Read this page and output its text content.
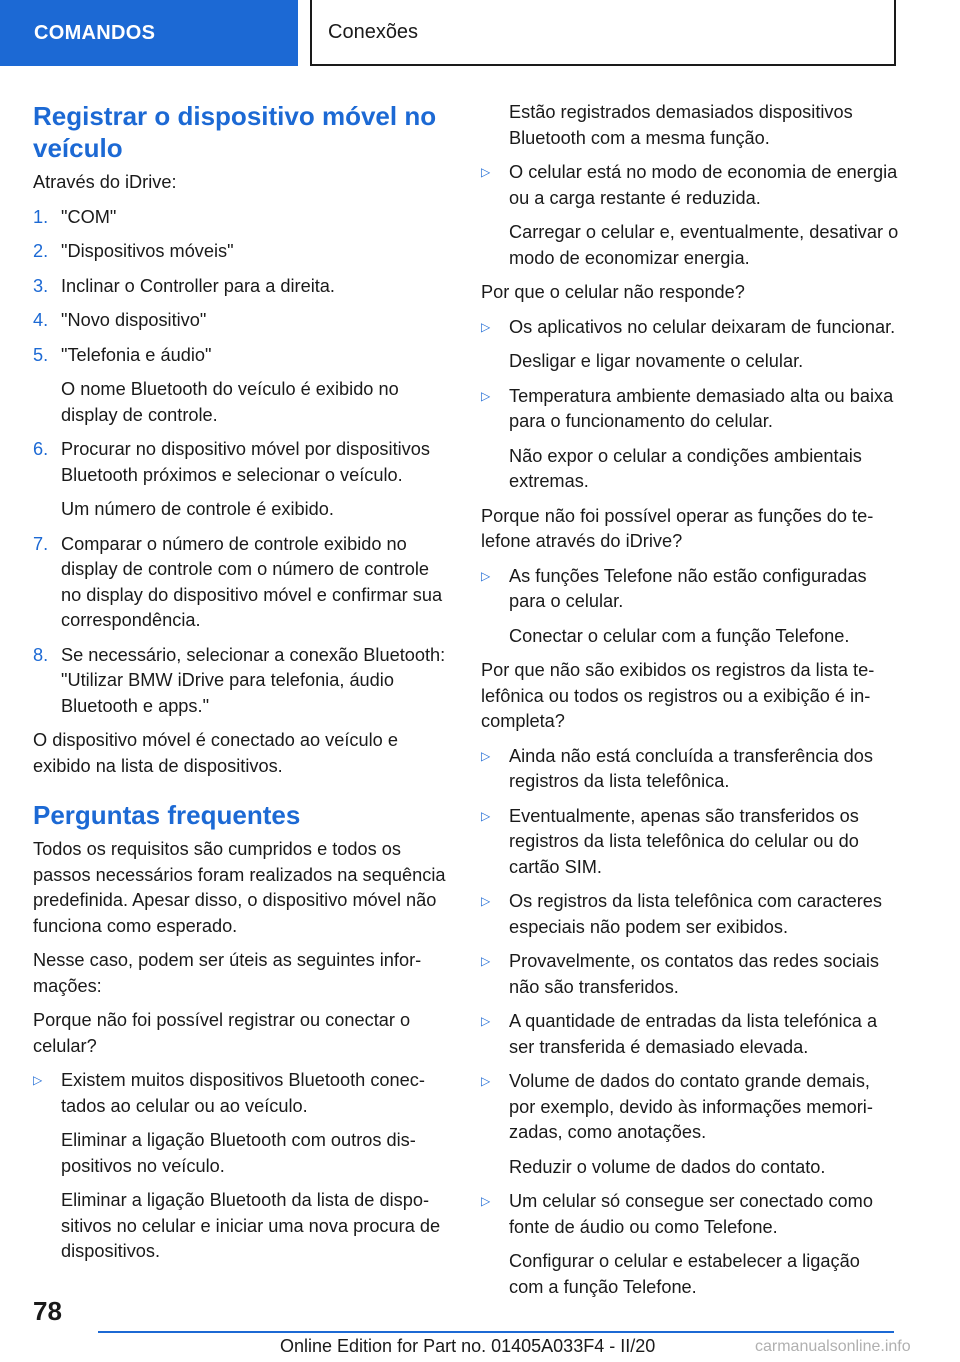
COMANDOS	Conexões
Registrar o dispositivo móvel no veículo

Através do iDrive:

1. "COM"
2. "Dispositivos móveis"
3. Inclinar o Controller para a direita.
4. "Novo dispositivo"
5. "Telefonia e áudio"

O nome Bluetooth do veículo é exibido no display de controle.

6. Procurar no dispositivo móvel por dispositivos Bluetooth próximos e selecionar o veículo.

Um número de controle é exibido.

7. Comparar o número de controle exibido no display de controle com o número de controle no display do dispositivo móvel e confirmar sua correspondência.
8. Se necessário, selecionar a conexão Bluetooth: "Utilizar BMW iDrive para telefonia, áudio Bluetooth e apps."

O dispositivo móvel é conectado ao veículo e exibido na lista de dispositivos.

Perguntas frequentes

Todos os requisitos são cumpridos e todos os passos necessários foram realizados na sequência predefinida. Apesar disso, o dispositivo móvel não funciona como esperado.

Nesse caso, podem ser úteis as seguintes informações:

Porque não foi possível registrar ou conectar o celular?

▷	Existem muitos dispositivos Bluetooth conectados ao celular ou ao veículo.

Eliminar a ligação Bluetooth com outros dispositivos no veículo.

Eliminar a ligação Bluetooth da lista de dispositivos no celular e iniciar uma nova procura de dispositivos.

Estão registrados demasiados dispositivos Bluetooth com a mesma função.

▷	O celular está no modo de economia de energia ou a carga restante é reduzida.

Carregar o celular e, eventualmente, desativar o modo de economizar energia.

Por que o celular não responde?

▷	Os aplicativos no celular deixaram de funcionar.

Desligar e ligar novamente o celular.

▷	Temperatura ambiente demasiado alta ou baixa para o funcionamento do celular.

Não expor o celular a condições ambientais extremas.

Porque não foi possível operar as funções do telefone através do iDrive?

▷	As funções Telefone não estão configuradas para o celular.

Conectar o celular com a função Telefone.

Por que não são exibidos os registros da lista telefônica ou todos os registros ou a exibição é incompleta?

▷	Ainda não está concluída a transferência dos registros da lista telefônica.
▷	Eventualmente, apenas são transferidos os registros da lista telefônica do celular ou do cartão SIM.
▷	Os registros da lista telefônica com caracteres especiais não podem ser exibidos.
▷	Provavelmente, os contatos das redes sociais não são transferidos.
▷	A quantidade de entradas da lista telefónica a ser transferida é demasiado elevada.
▷	Volume de dados do contato grande demais, por exemplo, devido às informações memorizadas, como anotações.

Reduzir o volume de dados do contato.

▷	Um celular só consegue ser conectado como fonte de áudio ou como Telefone.

Configurar o celular e estabelecer a ligação com a função Telefone.

78
Online Edition for Part no. 01405A033F4 - II/20	carmanualsonline.info
